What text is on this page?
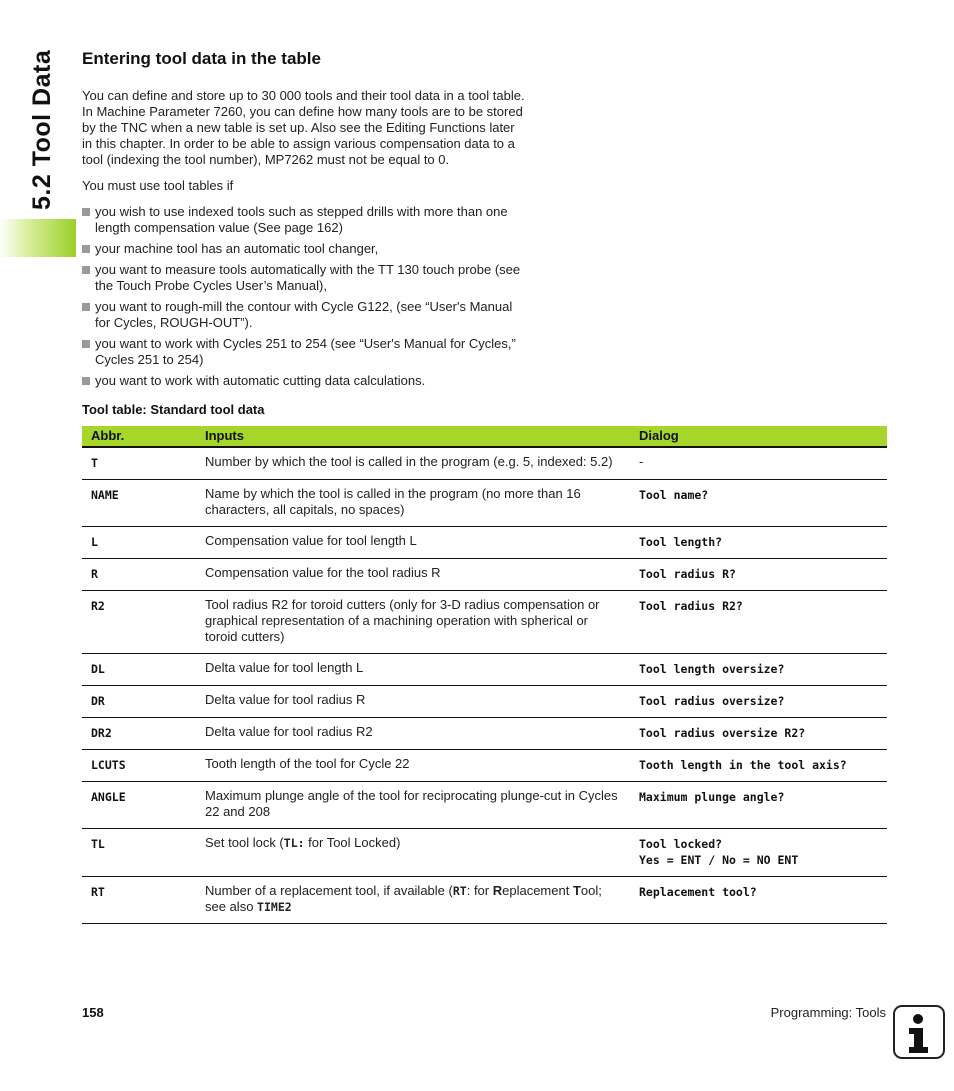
5.2 Tool Data Entering tool data in the table

You can define and store up to 30 000 tools and their tool data in a tool table. In Machine Parameter 7260, you can define how many tools are to be stored by the TNC when a new table is set up. Also see the Editing Functions later in this chapter. In order to be able to assign various compensation data to a tool (indexing the tool number), MP7262 must not be equal to 0.

You must use tool tables if

you wish to use indexed tools such as stepped drills with more than one length compensation value (See page 162)
your machine tool has an automatic tool changer,
you want to measure tools automatically with the TT 130 touch probe (see the Touch Probe Cycles User’s Manual),
you want to rough-mill the contour with Cycle G122, (see “User's Manual for Cycles, ROUGH-OUT”).
you want to work with Cycles 251 to 254 (see “User's Manual for Cycles,” Cycles 251 to 254)
you want to work with automatic cutting data calculations.
Tool table: Standard tool data
Abbr.	Inputs	Dialog
T	Number by which the tool is called in the program (e.g. 5, indexed: 5.2)	-
NAME	Name by which the tool is called in the program (no more than 16 characters, all capitals, no spaces)	Tool name?
L	Compensation value for tool length L	Tool length?
R	Compensation value for the tool radius R	Tool radius R?
R2	Tool radius R2 for toroid cutters (only for 3-D radius compensation or graphical representation of a machining operation with spherical or toroid cutters)	Tool radius R2?
DL	Delta value for tool length L	Tool length oversize?
DR	Delta value for tool radius R	Tool radius oversize?
DR2	Delta value for tool radius R2	Tool radius oversize R2?
LCUTS	Tooth length of the tool for Cycle 22	Tooth length in the tool axis?
ANGLE	Maximum plunge angle of the tool for reciprocating plunge-cut in Cycles 22 and 208	Maximum plunge angle?
TL	Set tool lock (TL: for Tool Locked)	Tool locked?
Yes = ENT / No = NO ENT
RT	Number of a replacement tool, if available (RT: for Replacement Tool; see also TIME2	Replacement tool?
158	Programming: Tools
